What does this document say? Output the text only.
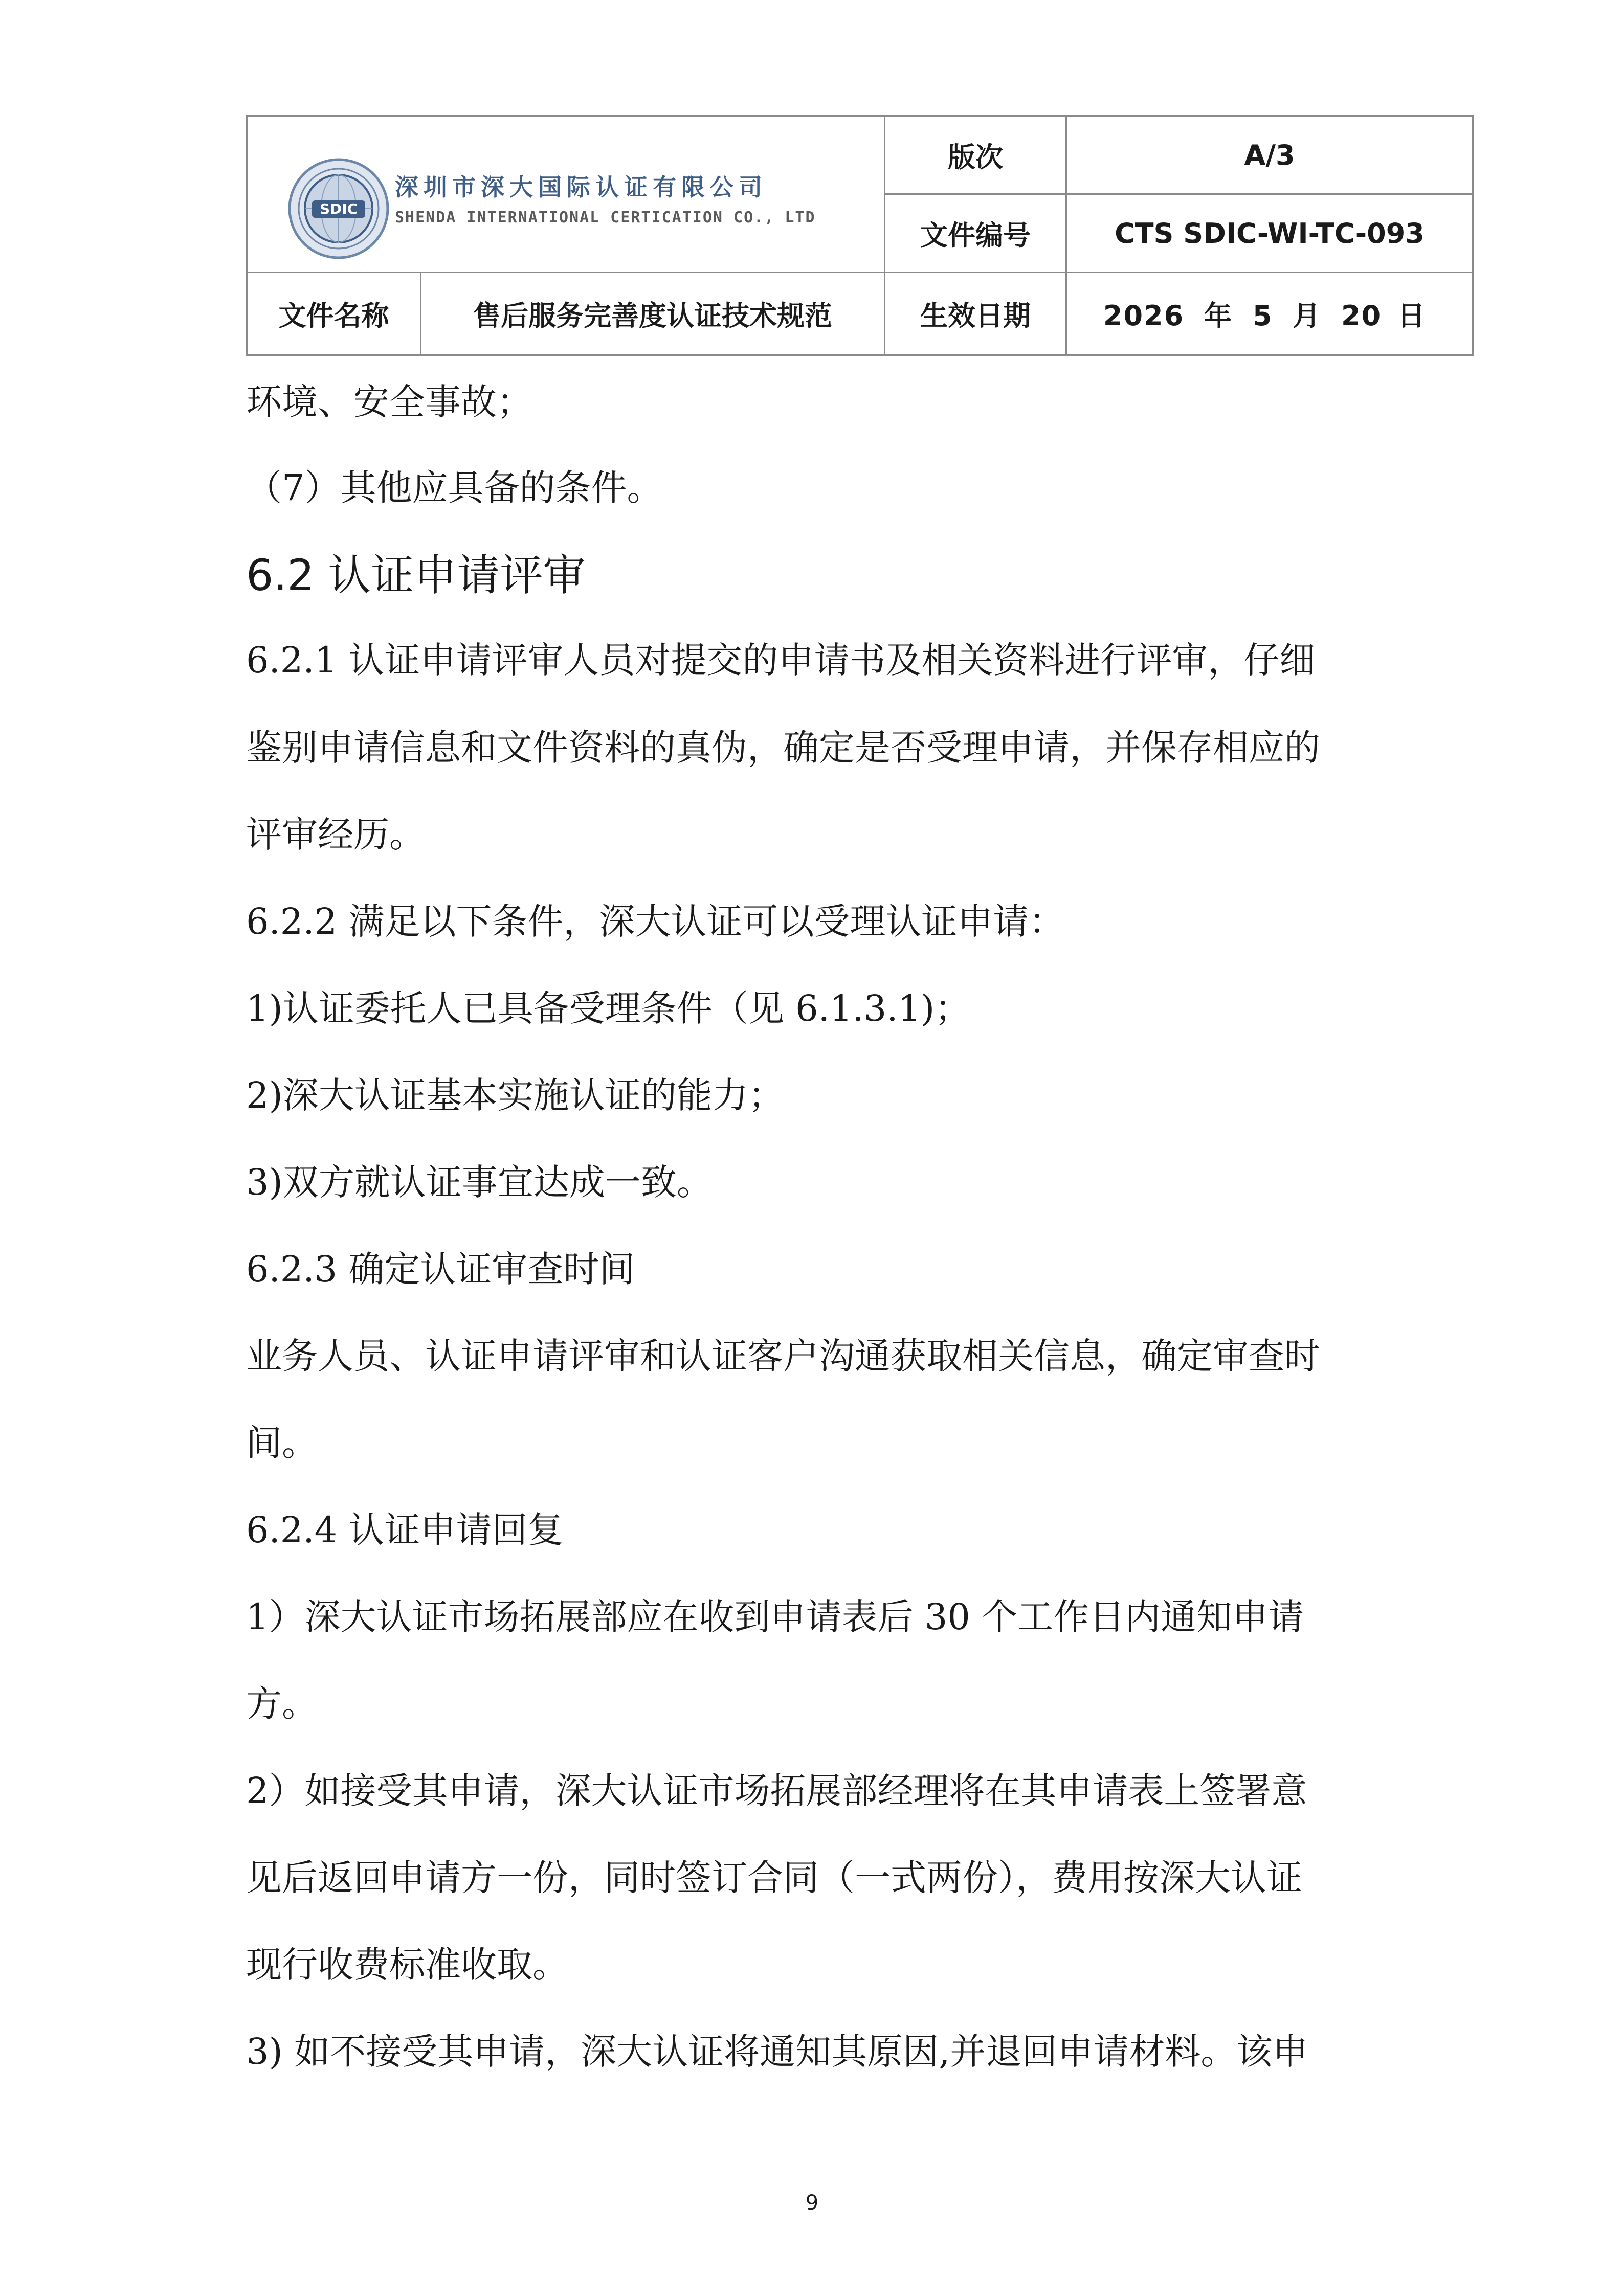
SDIC
深圳市深大国际认证有限公司
SHENDA INTERNATIONAL CERTICATION CO., LTD		版次	A/3
		文件编号	CTS SDIC-WI-TC-093
文件名称	售后服务完善度认证技术规范	生效日期	2026 年 5 月 20 日
环境、安全事故；
（7）其他应具备的条件。
6.2 认证申请评审
6.2.1 认证申请评审人员对提交的申请书及相关资料进行评审，仔细
鉴别申请信息和文件资料的真伪，确定是否受理申请，并保存相应的
评审经历。
6.2.2 满足以下条件，深大认证可以受理认证申请：
1)认证委托人已具备受理条件（见 6.1.3.1)；
2)深大认证基本实施认证的能力；
3)双方就认证事宜达成一致。
6.2.3 确定认证审查时间
业务人员、认证申请评审和认证客户沟通获取相关信息，确定审查时
间。
6.2.4 认证申请回复
1）深大认证市场拓展部应在收到申请表后 30 个工作日内通知申请
方。
2）如接受其申请，深大认证市场拓展部经理将在其申请表上签署意
见后返回申请方一份，同时签订合同（一式两份），费用按深大认证
现行收费标准收取。
3) 如不接受其申请，深大认证将通知其原因,并退回申请材料。该申
9
